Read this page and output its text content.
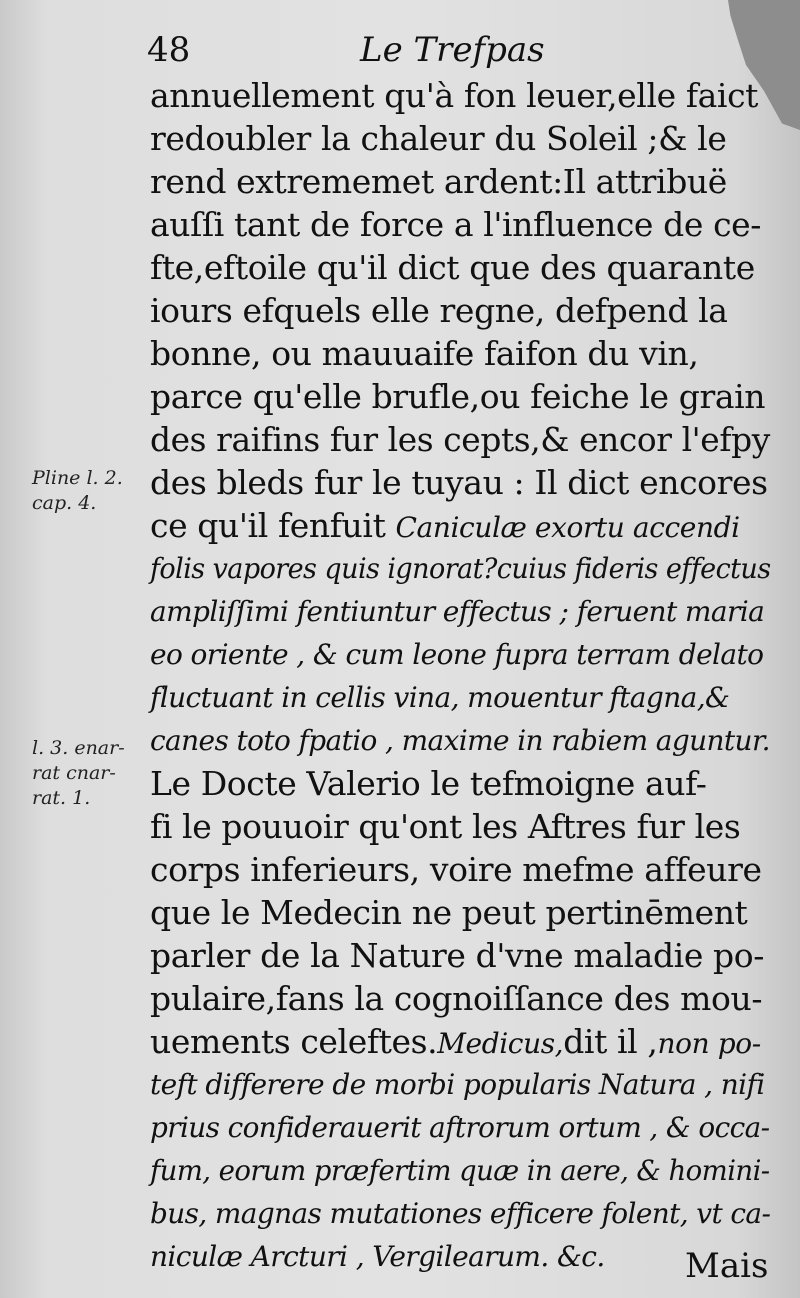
48	Le Trefpas
Pline l. 2.
cap. 4.
l. 3. enar-
rat cnar-
rat. 1.
annuellement qu'à fon leuer,elle faict
redoubler la chaleur du Soleil ;& le
rend extrememet ardent:Il attribuë
auſſi tant de force a l'influence de ce-
fte,eftoile qu'il dict que des quarante
iours efquels elle regne, defpend la
bonne, ou mauuaife faifon du vin,
parce qu'elle brufle,ou feiche le grain
des raifins fur les cepts,& encor l'efpy
des bleds fur le tuyau : Il dict encores
ce qu'il fenfuit Caniculæ exortu accendi
folis vapores quis ignorat?cuius fideris effectus
ampliſſimi fentiuntur effectus ; feruent maria
eo oriente , & cum leone fupra terram delato
fluctuant in cellis vina, mouentur ftagna,&
canes toto fpatio , maxime in rabiem aguntur.
Le Docte Valerio le tefmoigne auf-
fi le pouuoir qu'ont les Aftres fur les
corps inferieurs, voire mefme affeure
que le Medecin ne peut pertinēment
parler de la Nature d'vne maladie po-
pulaire,fans la cognoiſſance des mou-
uements celeftes.Medicus,dit il ,non po-
teft differere de morbi popularis Natura , nifi
prius confiderauerit aftrorum ortum , & occa-
fum, eorum præfertim quæ in aere, & homini-
bus, magnas mutationes efficere folent, vt ca-
niculæ Arcturi , Vergilearum. &c.	Mais
